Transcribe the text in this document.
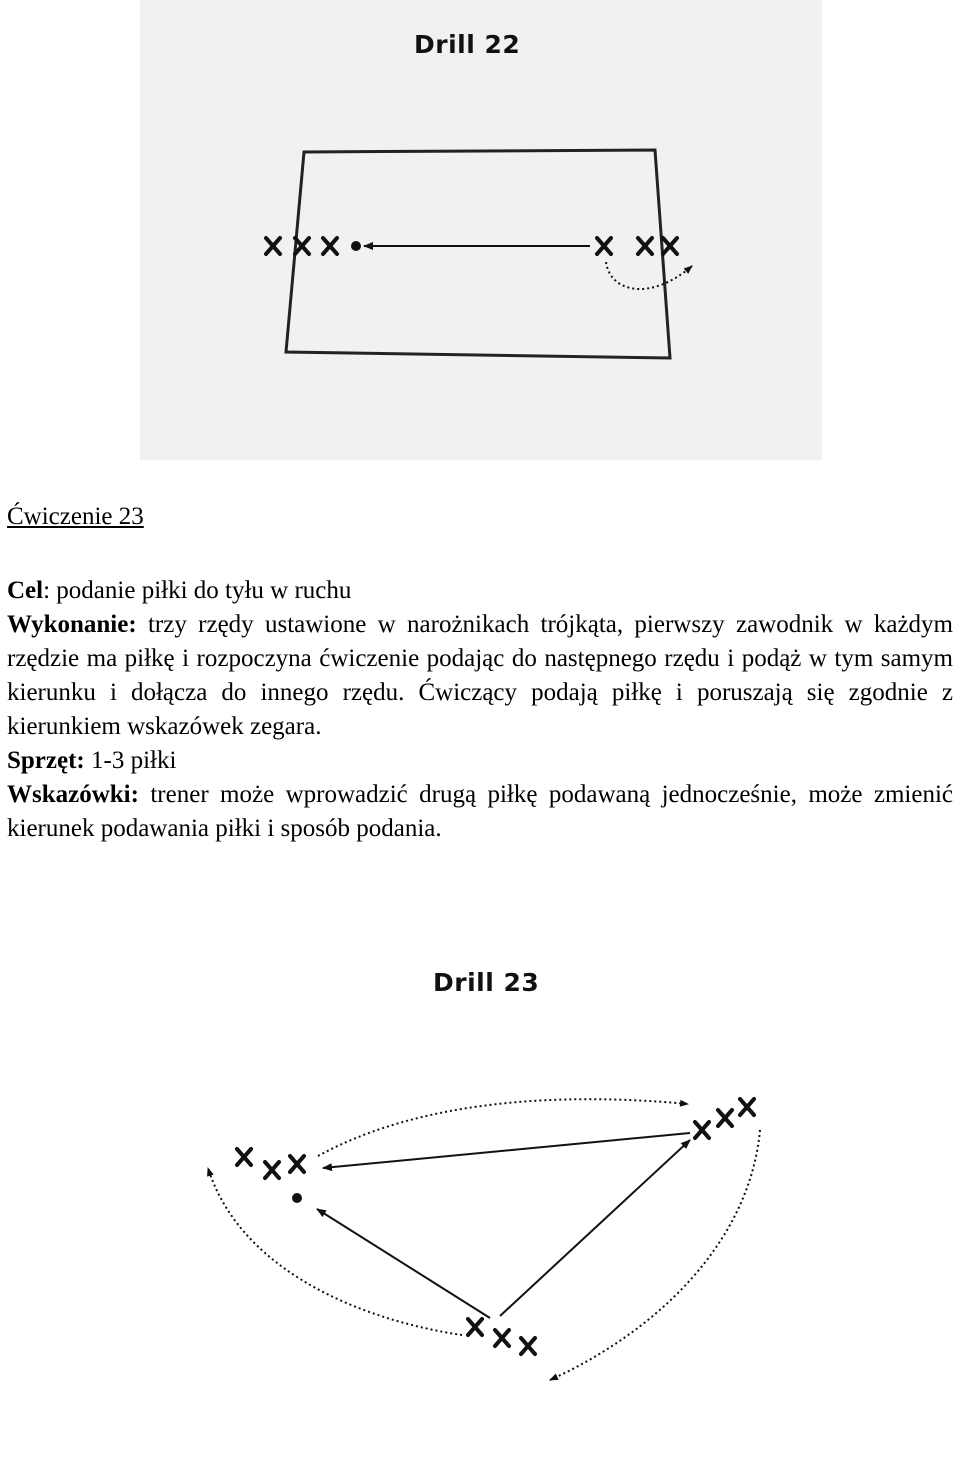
Drill 22
Ćwiczenie 23

Cel: podanie piłki do tyłu w ruchu

Wykonanie: trzy rzędy ustawione w narożnikach trójkąta, pierwszy zawodnik w każdym rzędzie ma piłkę i rozpoczyna ćwiczenie podając do następnego rzędu i podąż w tym samym kierunku i dołącza do innego rzędu. Ćwiczący podają piłkę i poruszają się zgodnie z kierunkiem wskazówek zegara.

Sprzęt: 1-3 piłki

Wskazówki: trener może wprowadzić drugą piłkę podawaną jednocześnie, może zmienić kierunek podawania piłki i sposób podania.

Drill 23
